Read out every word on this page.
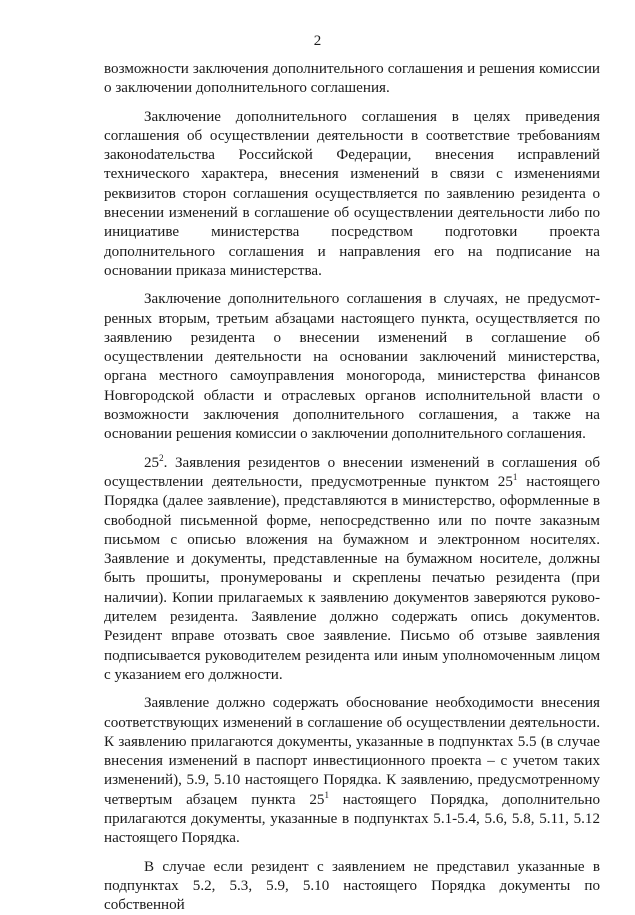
2

возможности заключения дополнительного соглашения и решения комиссии о заключении дополнительного соглашения.

Заключение дополнительного соглашения в целях приведения соглашения об осуществлении деятельности в соответствие требованиям законоdательства Российской Федерации, внесения исправлений технического характера, внесения изменений в связи с изменениями реквизитов сторон соглашения осуществляется по заявлению резидента о внесении изменений в соглашение об осуществлении деятельности либо по инициативе министерства посредством подготовки проекта дополнительного соглашения и направления его на подписание на основании приказа министерства.

Заключение дополнительного соглашения в случаях, не предусмотренных вторым, третьим абзацами настоящего пункта, осуществляется по заявлению резидента о внесении изменений в соглашение об осуществлении деятельности на основании заключений министерства, органа местного самоуправления моногорода, министерства финансов Новгородской области и отраслевых органов исполнительной власти о возможности заключения дополнительного соглашения, а также на основании решения комиссии о заключении дополнительного соглашения.

$25^2$. Заявления резидентов о внесении изменений в соглашения об осуществлении деятельности, предусмотренные пунктом $25^1$ настоящего Порядка (далее заявление), представляются в министерство, оформленные в свободной письменной форме, непосредственно или по почте заказным письмом с описью вложения на бумажном и электронном носителях. Заявление и документы, представленные на бумажном носителе, должны быть прошиты, пронумерованы и скреплены печатью резидента (при наличии). Копии прилагаемых к заявлению документов заверяются руководителем резидента. Заявление должно содержать опись документов. Резидент вправе отозвать свое заявление. Письмо об отзыве заявления подписывается руководителем резидента или иным уполномоченным лицом с указанием его должности.

Заявление должно содержать обоснование необходимости внесения соответствующих изменений в соглашение об осуществлении деятельности. К заявлению прилагаются документы, указанные в подпунктах 5.5 (в случае внесения изменений в паспорт инвестиционного проекта – с учетом таких изменений), 5.9, 5.10 настоящего Порядка. К заявлению, предусмотренному четвертым абзацем пункта $25^1$ настоящего Порядка, дополнительно прилагаются документы, указанные в подпунктах 5.1-5.4, 5.6, 5.8, 5.11, 5.12 настоящего Порядка.

В случае если резидент с заявлением не представил указанные в подпунктах 5.2, 5.3, 5.9, 5.10 настоящего Порядка документы по собственной
